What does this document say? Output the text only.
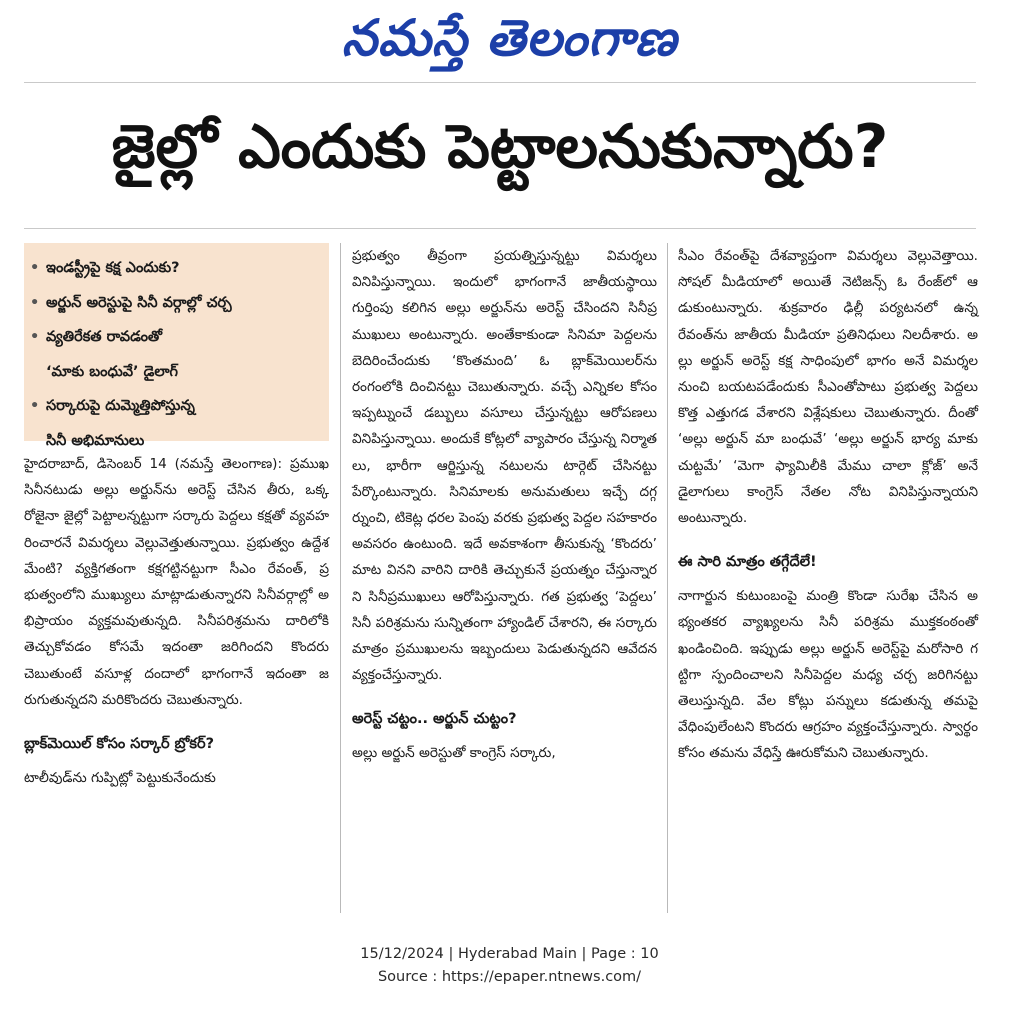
నమస్తే తెలంగాణ
జైల్లో ఎందుకు పెట్టాలనుకున్నారు?
• ఇండస్ట్రీపై కక్ష ఎందుకు?
• అర్జున్ అరెస్టుపై సినీ వర్గాల్లో చర్చ
• వ్యతిరేకత రావడంతో
‘మాకు బంధువే’ డైలాగ్
• సర్కారుపై దుమ్మెత్తిపోస్తున్న
సినీ అభిమానులు

హైదరాబాద్, డిసెంబర్ 14 (నమస్తే తెలంగాణ): ప్రముఖ సినీనటుడు అల్లు అర్జున్‌ను అరెస్ట్ చేసిన తీరు, ఒక్క రోజైనా జైల్లో పెట్టాలన్నట్టుగా సర్కారు పెద్దలు కక్షతో వ్యవహరించారనే విమర్శలు వెల్లువెత్తుతున్నాయి. ప్రభుత్వం ఉద్దేశమేంటి? వ్యక్తిగతంగా కక్షగట్టినట్టుగా సీఎం రేవంత్, ప్రభుత్వంలోని ముఖ్యులు మాట్లాడుతున్నారని సినీవర్గాల్లో అభిప్రాయం వ్యక్తమవుతున్నది. సినీపరిశ్రమను దారిలోకి తెచ్చుకోవడం కోసమే ఇదంతా జరిగిందని కొందరు చెబుతుంటే వసూళ్ల దందాలో భాగంగానే ఇదంతా జరుగుతున్నదని మరికొందరు చెబుతున్నారు.

బ్లాక్‌మెయిల్ కోసం సర్కార్ బ్రోకర్?

టాలీవుడ్‌ను గుప్పిట్లో పెట్టుకునేందుకు

ప్రభుత్వం తీవ్రంగా ప్రయత్నిస్తున్నట్టు విమర్శలు వినిపిస్తున్నాయి. ఇందులో భాగంగానే జాతీయస్థాయి గుర్తింపు కలిగిన అల్లు అర్జున్‌ను అరెస్ట్ చేసిందని సినీప్రముఖులు అంటున్నారు. అంతేకాకుండా సినిమా పెద్దలను బెదిరించేందుకు ‘కొంతమంది’ ఓ బ్లాక్‌మెయిలర్‌ను రంగంలోకి దించినట్టు చెబుతున్నారు. వచ్చే ఎన్నికల కోసం ఇప్పట్నుంచే డబ్బులు వసూలు చేస్తున్నట్టు ఆరోపణలు వినిపిస్తున్నాయి. అందుకే కోట్లలో వ్యాపారం చేస్తున్న నిర్మాతలు, భారీగా ఆర్జిస్తున్న నటులను టార్గెట్ చేసినట్టు పేర్కొంటున్నారు. సినిమాలకు అనుమతులు ఇచ్చే దగ్గర్నుంచి, టికెట్ల ధరల పెంపు వరకు ప్రభుత్వ పెద్దల సహకారం అవసరం ఉంటుంది. ఇదే అవకాశంగా తీసుకున్న ‘కొందరు’ మాట వినని వారిని దారికి తెచ్చుకునే ప్రయత్నం చేస్తున్నారని సినీప్రముఖులు ఆరోపిస్తున్నారు. గత ప్రభుత్వ ‘పెద్దలు’ సినీ పరిశ్రమను సున్నితంగా హ్యాండిల్ చేశారని, ఈ సర్కారు మాత్రం ప్రముఖులను ఇబ్బందులు పెడుతున్నదని ఆవేదన వ్యక్తంచేస్తున్నారు.

అరెస్ట్ చట్టం.. అర్జున్ చుట్టం?

అల్లు అర్జున్ అరెస్టుతో కాంగ్రెస్ సర్కారు,

సీఎం రేవంత్‌పై దేశవ్యాప్తంగా విమర్శలు వెల్లువెత్తాయి. సోషల్ మీడియాలో అయితే నెటిజన్స్ ఓ రేంజ్‌లో ఆడుకుంటున్నారు. శుక్రవారం ఢిల్లీ పర్యటనలో ఉన్న రేవంత్‌ను జాతీయ మీడియా ప్రతినిధులు నిలదీశారు. అల్లు అర్జున్ అరెస్ట్ కక్ష సాధింపులో భాగం అనే విమర్శల నుంచి బయటపడేందుకు సీఎంతోపాటు ప్రభుత్వ పెద్దలు కొత్త ఎత్తుగడ వేశారని విశ్లేషకులు చెబుతున్నారు. దీంతో ‘అల్లు అర్జున్ మా బంధువే’ ‘అల్లు అర్జున్ భార్య మాకు చుట్టమే’ ‘మెగా ఫ్యామిలీకి మేము చాలా క్లోజ్’ అనే డైలాగులు కాంగ్రెస్ నేతల నోట వినిపిస్తున్నాయని అంటున్నారు.

ఈ సారి మాత్రం తగ్గేదేలే!

నాగార్జున కుటుంబంపై మంత్రి కొండా సురేఖ చేసిన అభ్యంతకర వ్యాఖ్యలను సినీ పరిశ్రమ ముక్తకంఠంతో ఖండించింది. ఇప్పుడు అల్లు అర్జున్ అరెస్ట్‌పై మరోసారి గట్టిగా స్పందించాలని సినీపెద్దల మధ్య చర్చ జరిగినట్టు తెలుస్తున్నది. వేల కోట్లు పన్నులు కడుతున్న తమపై వేధింపులేంటని కొందరు ఆగ్రహం వ్యక్తంచేస్తున్నారు. స్వార్థం కోసం తమను వేధిస్తే ఊరుకోమని చెబుతున్నారు.

15/12/2024 | Hyderabad Main | Page : 10
Source : https://epaper.ntnews.com/
